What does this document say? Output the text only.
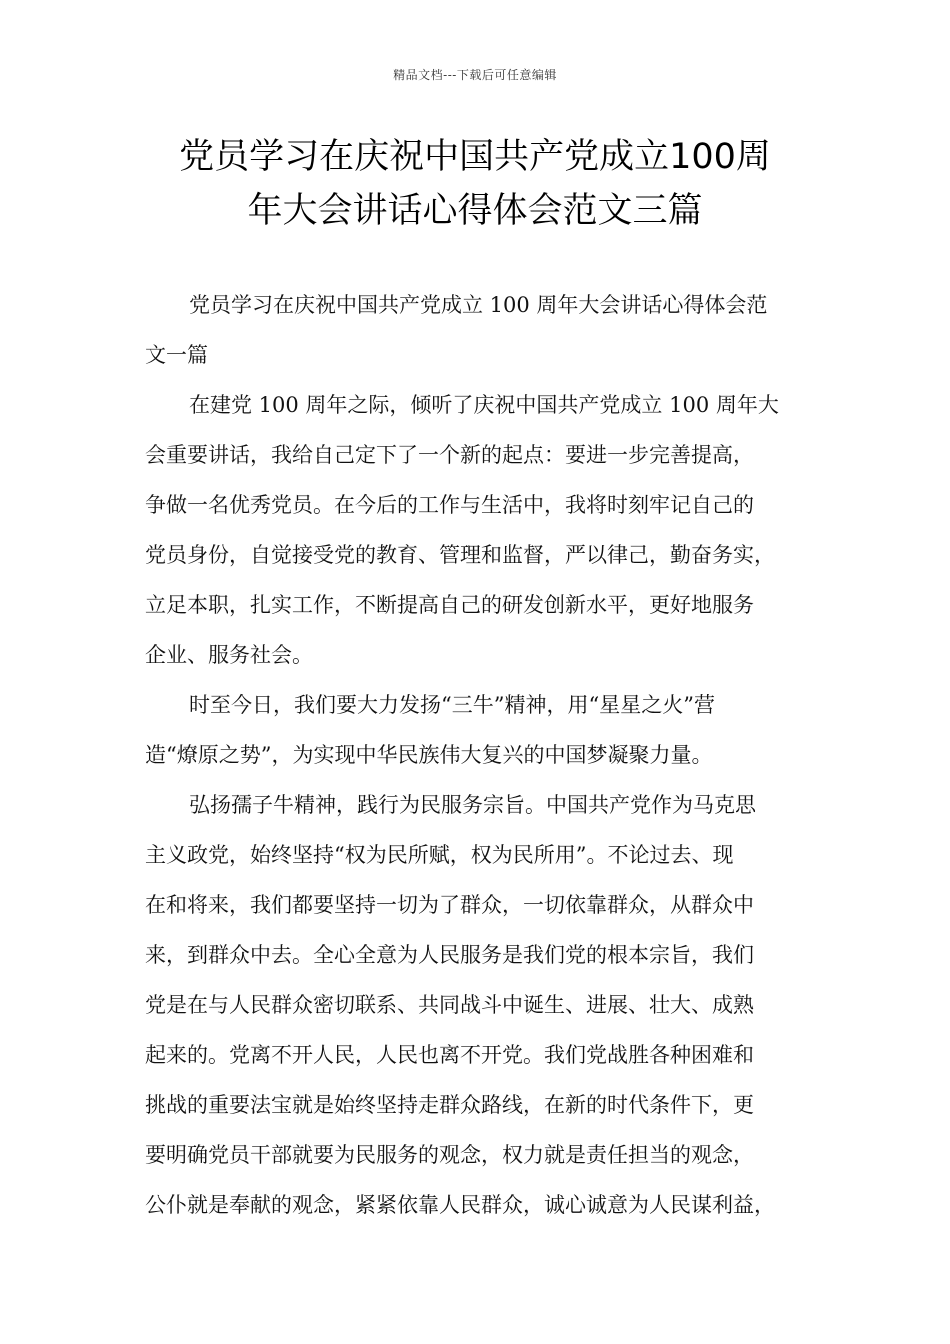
精品文档---下载后可任意编辑
党员学习在庆祝中国共产党成立100周
年大会讲话心得体会范文三篇

党员学习在庆祝中国共产党成立 100 周年大会讲话心得体会范
文一篇

在建党 100 周年之际，倾听了庆祝中国共产党成立 100 周年大
会重要讲话，我给自己定下了一个新的起点：要进一步完善提高，
争做一名优秀党员。在今后的工作与生活中，我将时刻牢记自己的
党员身份，自觉接受党的教育、管理和监督，严以律己，勤奋务实，
立足本职，扎实工作，不断提高自己的研发创新水平，更好地服务
企业、服务社会。

时至今日，我们要大力发扬“三牛”精神，用“星星之火”营
造“燎原之势”，为实现中华民族伟大复兴的中国梦凝聚力量。

弘扬孺子牛精神，践行为民服务宗旨。中国共产党作为马克思
主义政党，始终坚持“权为民所赋，权为民所用”。不论过去、现
在和将来，我们都要坚持一切为了群众，一切依靠群众，从群众中
来，到群众中去。全心全意为人民服务是我们党的根本宗旨，我们
党是在与人民群众密切联系、共同战斗中诞生、进展、壮大、成熟
起来的。党离不开人民，人民也离不开党。我们党战胜各种困难和
挑战的重要法宝就是始终坚持走群众路线，在新的时代条件下，更
要明确党员干部就要为民服务的观念，权力就是责任担当的观念，
公仆就是奉献的观念，紧紧依靠人民群众，诚心诚意为人民谋利益，
